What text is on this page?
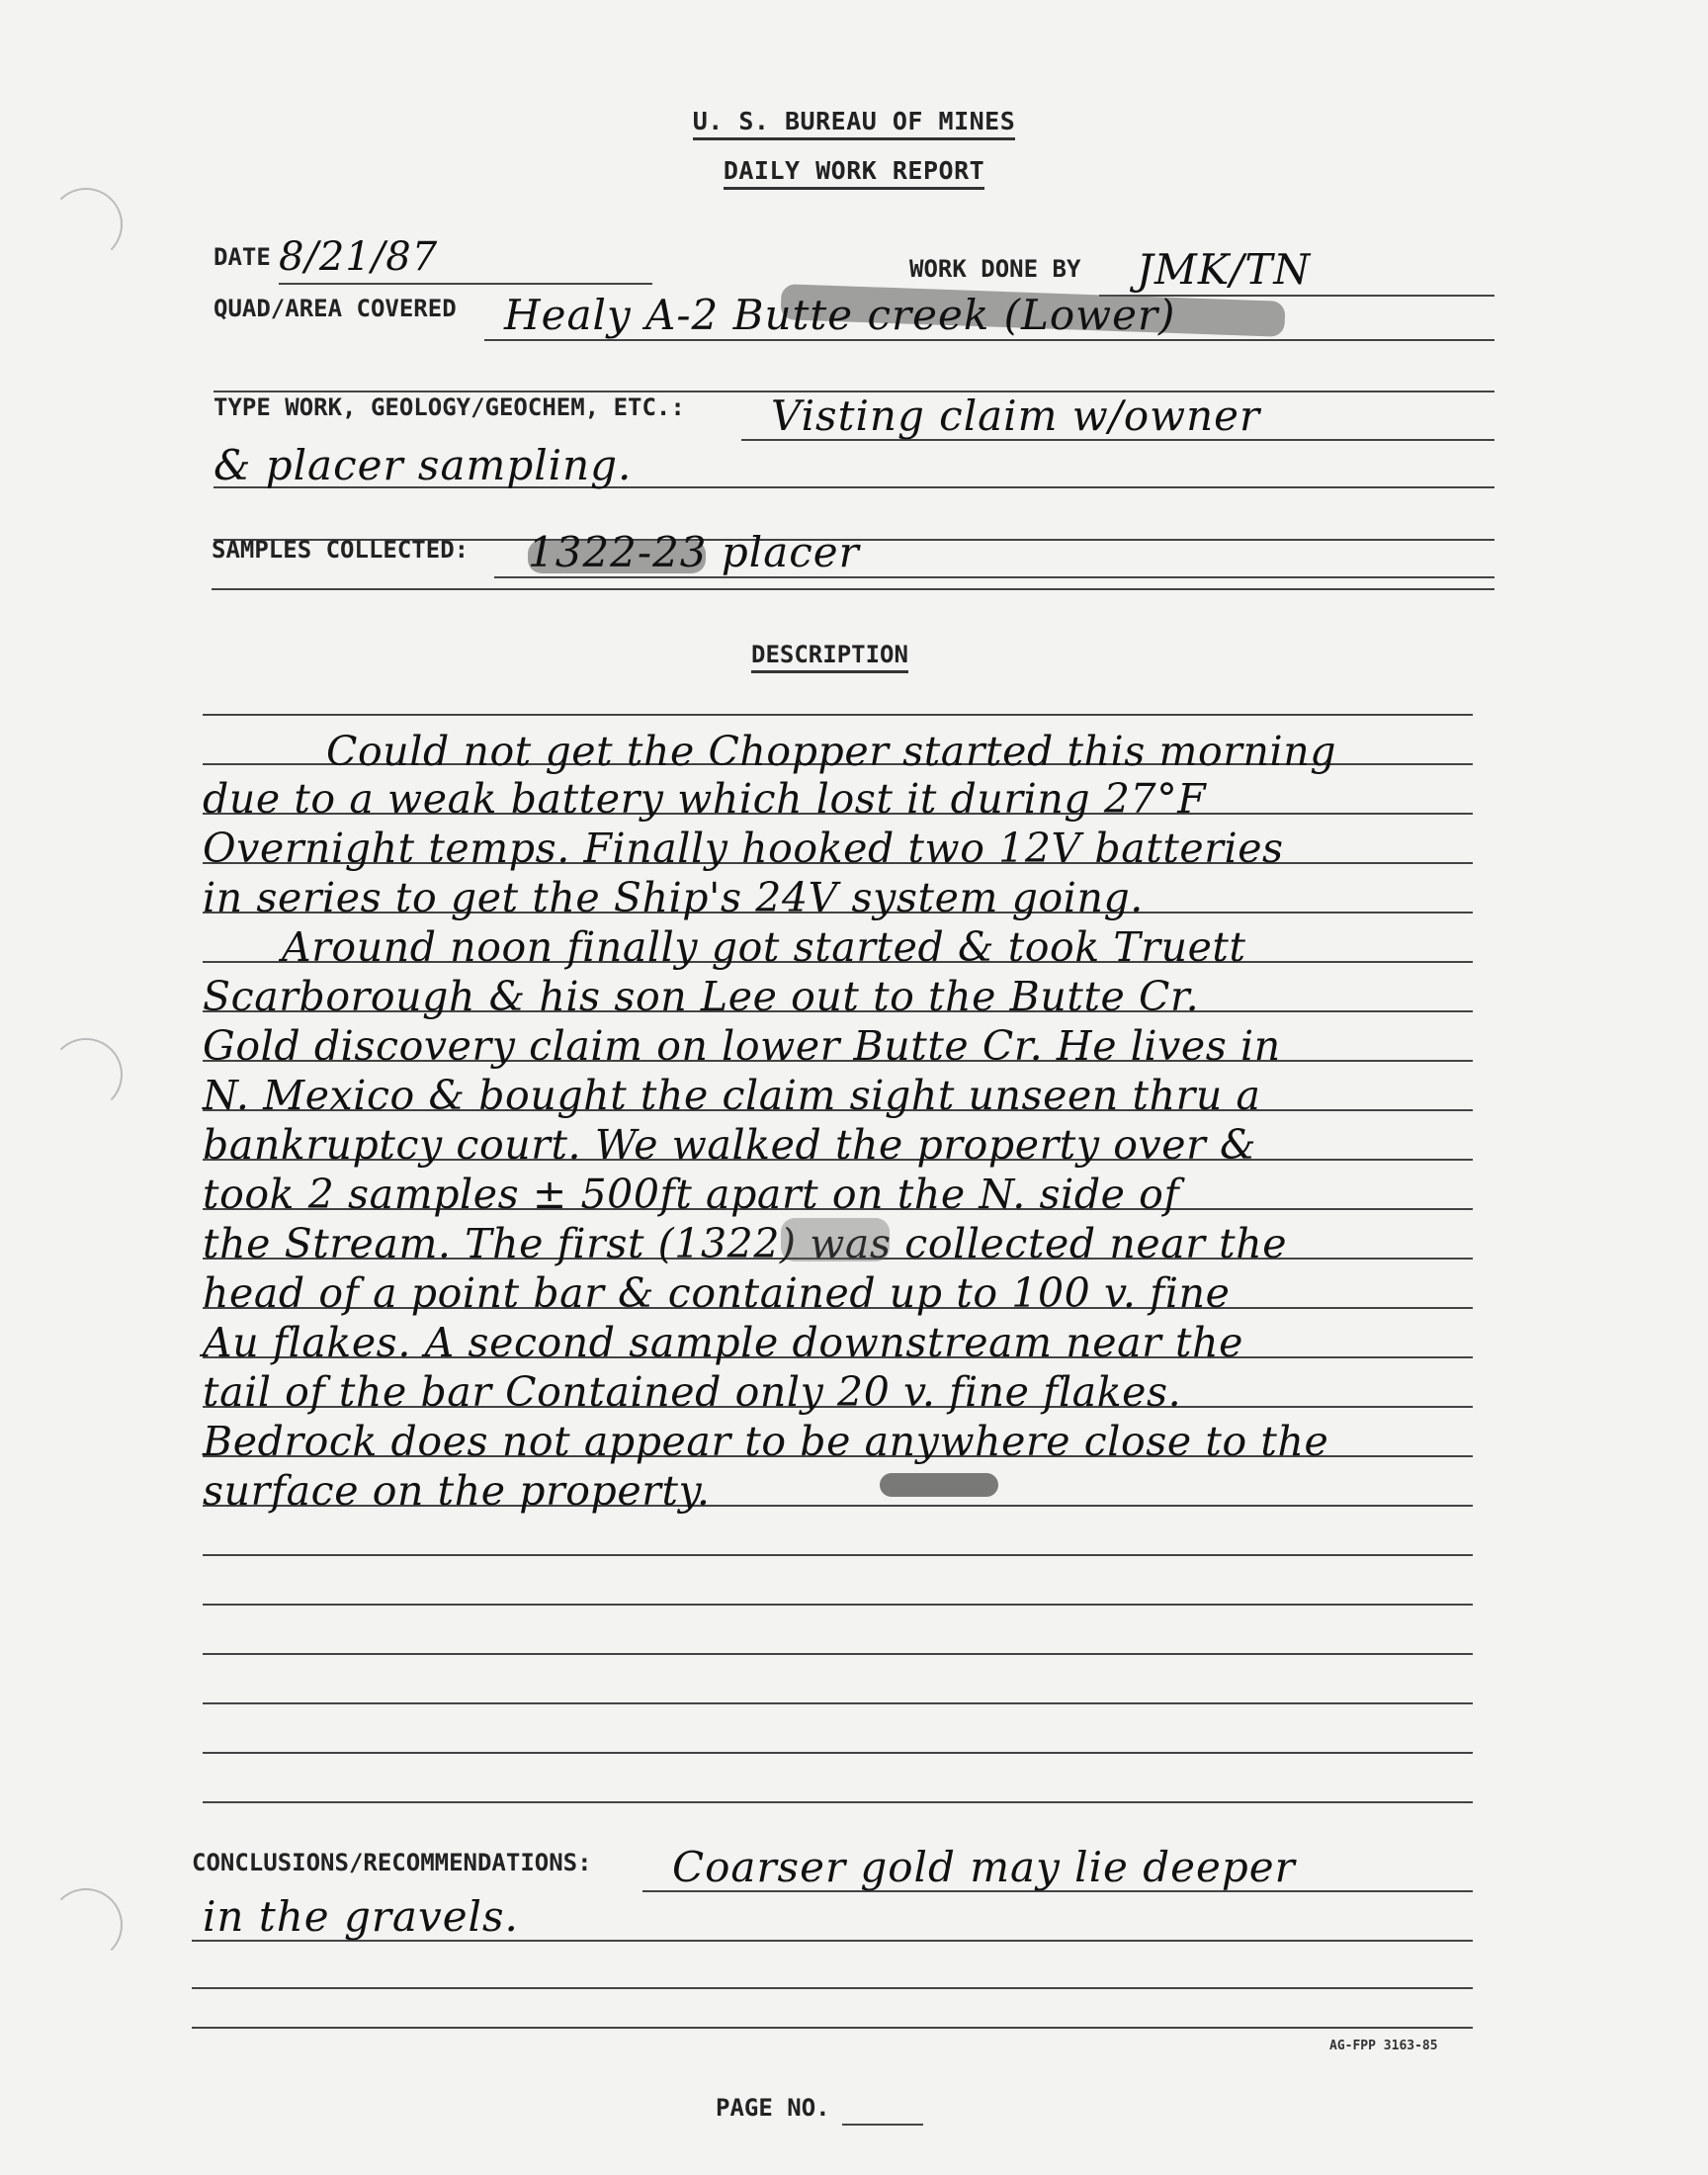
U. S. BUREAU OF MINES
DAILY WORK REPORT
DATE 8/21/87	WORK DONE BY JMK/TN
QUAD/AREA COVERED Healy A-2 Butte creek (Lower)
TYPE WORK, GEOLOGY/GEOCHEM, ETC.: Visting claim w/owner
& placer sampling.
SAMPLES COLLECTED: 1322-23 placer
DESCRIPTION
Could not get the Chopper started this morning
due to a weak battery which lost it during 27°F
Overnight temps. Finally hooked two 12V batteries
in series to get the Ship's 24V system going.
Around noon finally got started & took Truett
Scarborough & his son Lee out to the Butte Cr.
Gold discovery claim on lower Butte Cr. He lives in
N. Mexico & bought the claim sight unseen thru a
bankruptcy court. We walked the property over &
took 2 samples ± 500ft apart on the N. side of
the Stream. The first (1322) was collected near the
head of a point bar & contained up to 100 v. fine
Au flakes. A second sample downstream near the
tail of the bar Contained only 20 v. fine flakes.
Bedrock does not appear to be anywhere close to the
surface on the property.
CONCLUSIONS/RECOMMENDATIONS: Coarser gold may lie deeper
in the gravels.
AG-FPP 3163-85
PAGE NO.
